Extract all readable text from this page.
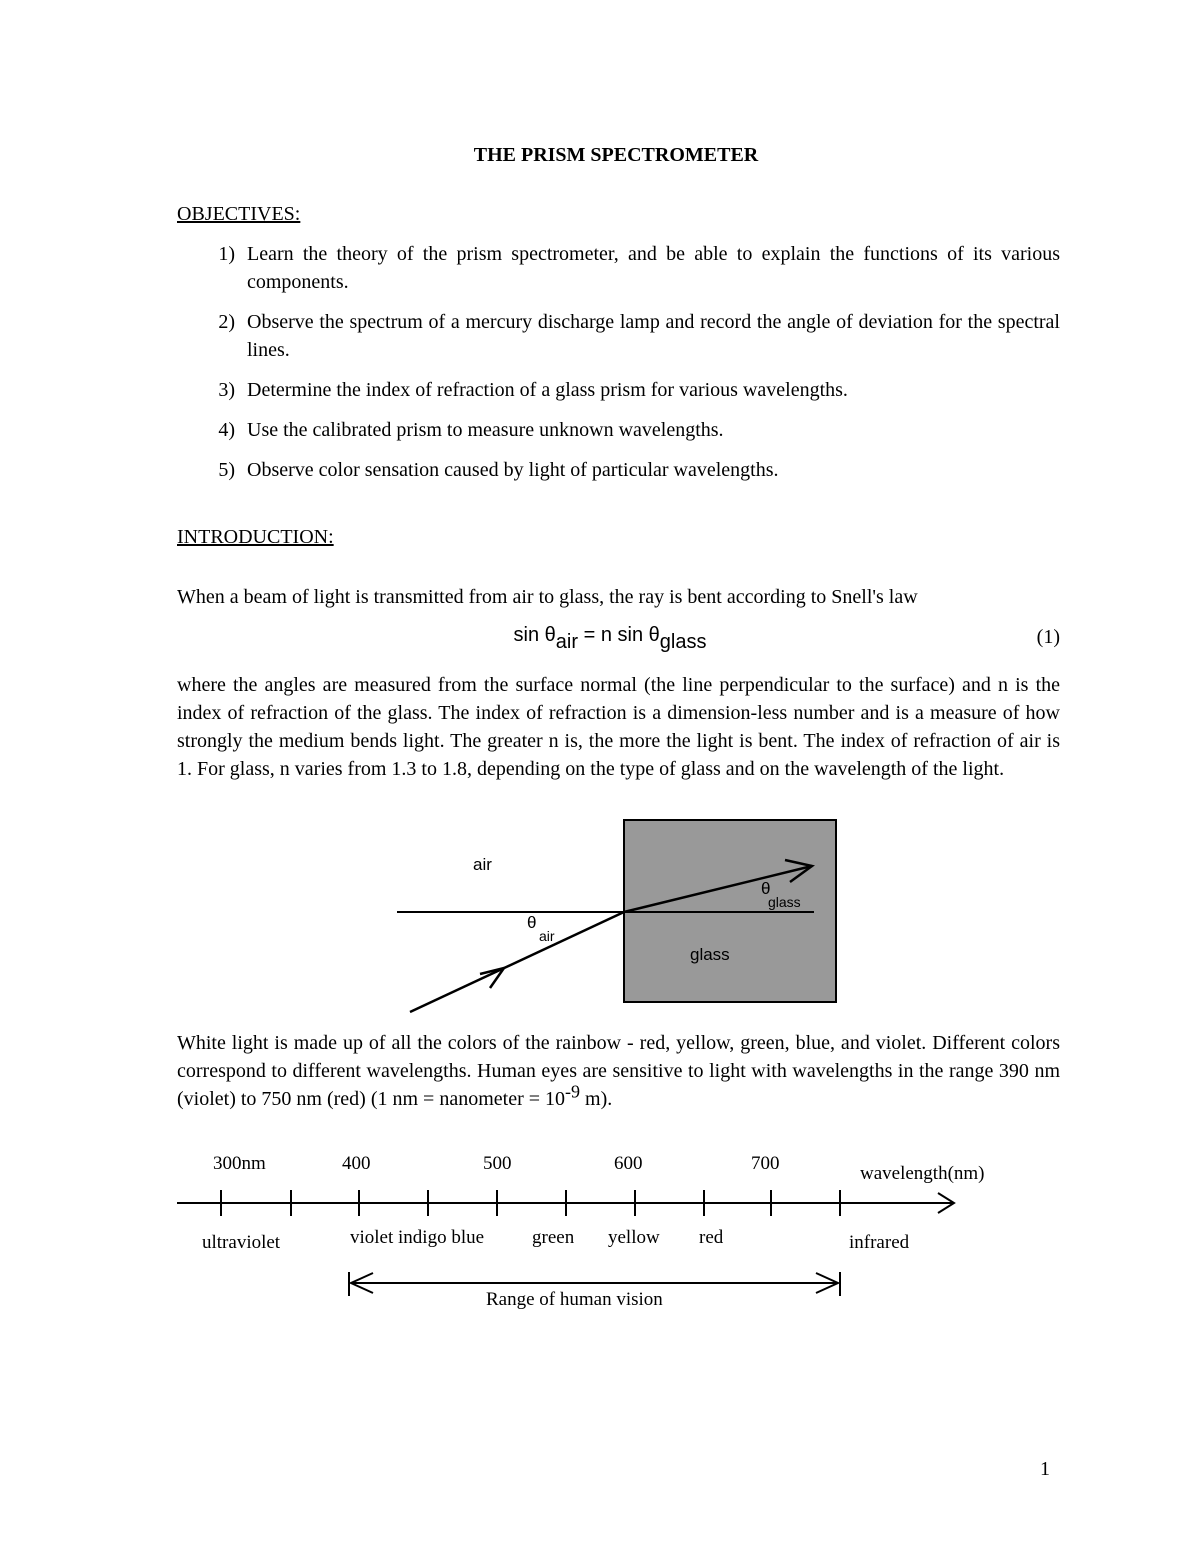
THE PRISM SPECTROMETER
OBJECTIVES:
1) Learn the theory of the prism spectrometer, and be able to explain the functions of its various components.
2) Observe the spectrum of a mercury discharge lamp and record the angle of deviation for the spectral lines.
3) Determine the index of refraction of a glass prism for various wavelengths.
4) Use the calibrated prism to measure unknown wavelengths.
5) Observe color sensation caused by light of particular wavelengths.
INTRODUCTION:
When a beam of light is transmitted from air to glass, the ray is bent according to Snell's law
$\sin \theta_{air} = n$ $\sin \theta_{glass}$	(1)
where the angles are measured from the surface normal (the line perpendicular to the surface) and n is the index of refraction of the glass. The index of refraction is a dimension-less number and is a measure of how strongly the medium bends light. The greater n is, the more the light is bent. The index of refraction of air is 1. For glass, n varies from 1.3 to 1.8, depending on the type of glass and on the wavelength of the light.
air
glass
θ
air
θ
glass
White light is made up of all the colors of the rainbow - red, yellow, green, blue, and violet. Different colors correspond to different wavelengths. Human eyes are sensitive to light with wavelengths in the range 390 nm (violet) to 750 nm (red) (1 nm = nanometer = $10^{-9}$ m).
300nm	400	500	600	700	wavelength(nm)
ultraviolet	violet indigo blue	green yellow red	infrared
Range of human vision
1
